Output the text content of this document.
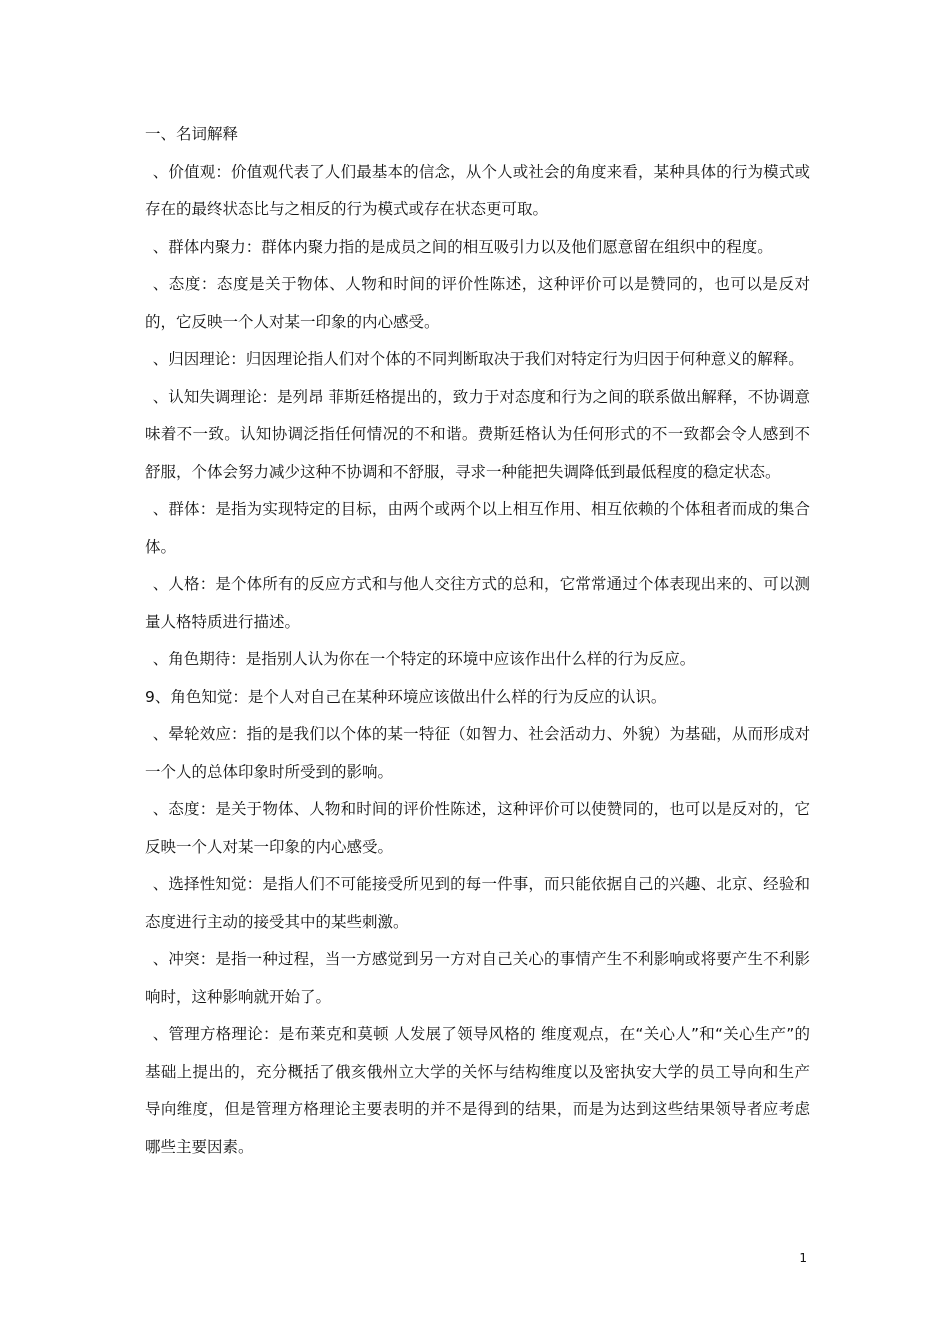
一、名词解释

、价值观：价值观代表了人们最基本的信念，从个人或社会的角度来看，某种具体的行为模式或存在的最终状态比与之相反的行为模式或存在状态更可取。

、群体内聚力：群体内聚力指的是成员之间的相互吸引力以及他们愿意留在组织中的程度。

、态度：态度是关于物体、人物和时间的评价性陈述，这种评价可以是赞同的，也可以是反对的，它反映一个人对某一印象的内心感受。

、归因理论：归因理论指人们对个体的不同判断取决于我们对特定行为归因于何种意义的解释。

、认知失调理论：是列昂 菲斯廷格提出的，致力于对态度和行为之间的联系做出解释，不协调意味着不一致。认知协调泛指任何情况的不和谐。费斯廷格认为任何形式的不一致都会令人感到不舒服，个体会努力减少这种不协调和不舒服，寻求一种能把失调降低到最低程度的稳定状态。

、群体：是指为实现特定的目标，由两个或两个以上相互作用、相互依赖的个体租者而成的集合体。

、人格：是个体所有的反应方式和与他人交往方式的总和，它常常通过个体表现出来的、可以测量人格特质进行描述。

、角色期待：是指别人认为你在一个特定的环境中应该作出什么样的行为反应。

9、角色知觉：是个人对自己在某种环境应该做出什么样的行为反应的认识。

、晕轮效应：指的是我们以个体的某一特征（如智力、社会活动力、外貌）为基础，从而形成对一个人的总体印象时所受到的影响。

、态度：是关于物体、人物和时间的评价性陈述，这种评价可以使赞同的，也可以是反对的，它反映一个人对某一印象的内心感受。

、选择性知觉：是指人们不可能接受所见到的每一件事，而只能依据自己的兴趣、北京、经验和态度进行主动的接受其中的某些刺激。

、冲突：是指一种过程，当一方感觉到另一方对自己关心的事情产生不利影响或将要产生不利影响时，这种影响就开始了。

、管理方格理论：是布莱克和莫顿 人发展了领导风格的 维度观点，在“关心人”和“关心生产”的基础上提出的，充分概括了俄亥俄州立大学的关怀与结构维度以及密执安大学的员工导向和生产导向维度，但是管理方格理论主要表明的并不是得到的结果，而是为达到这些结果领导者应考虑哪些主要因素。

1
